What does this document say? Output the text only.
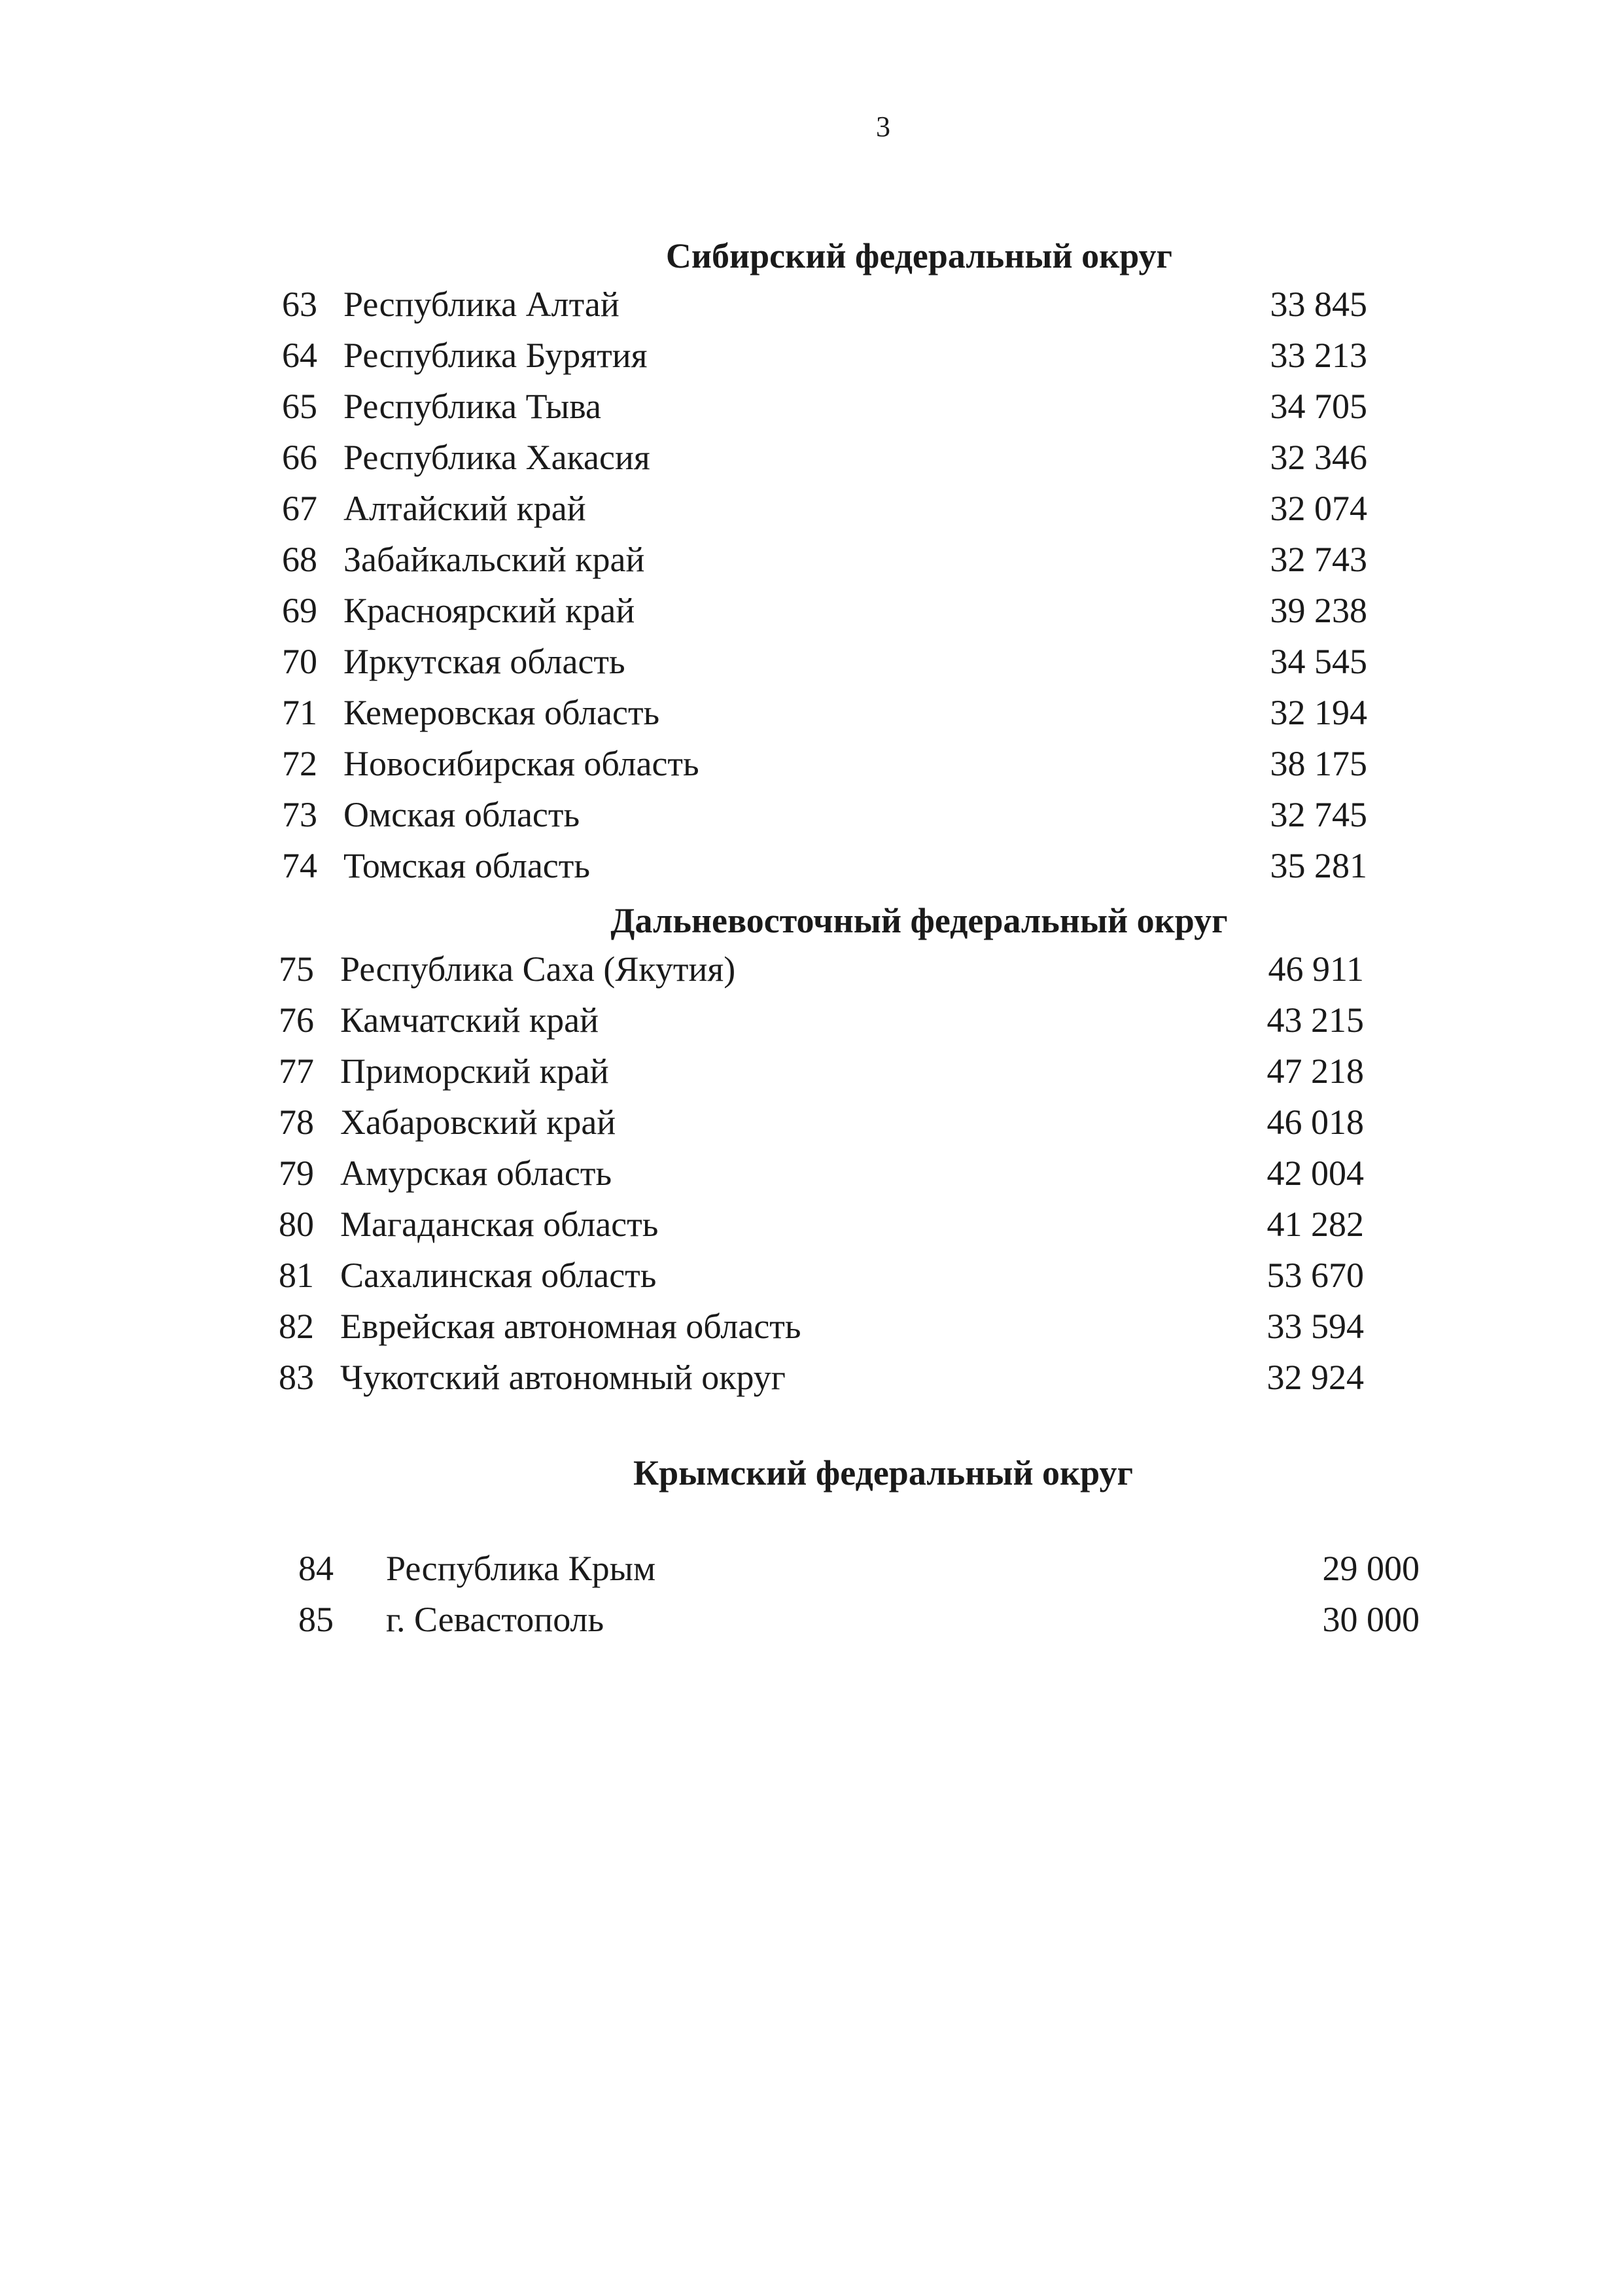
3
Сибирский федеральный округ
63 Республика Алтай	33 845
64 Республика Бурятия	33 213
65 Республика Тыва	34 705
66 Республика Хакасия	32 346
67 Алтайский край	32 074
68 Забайкальский край	32 743
69 Красноярский край	39 238
70 Иркутская область	34 545
71 Кемеровская область	32 194
72 Новосибирская область	38 175
73 Омская область	32 745
74 Томская область	35 281
Дальневосточный федеральный округ
75 Республика Саха (Якутия)	46 911
76 Камчатский край	43 215
77 Приморский край	47 218
78 Хабаровский край	46 018
79 Амурская область	42 004
80 Магаданская область	41 282
81 Сахалинская область	53 670
82 Еврейская автономная область	33 594
83 Чукотский автономный округ	32 924
Крымский федеральный округ
84 Республика Крым	29 000
85 г. Севастополь	30 000
